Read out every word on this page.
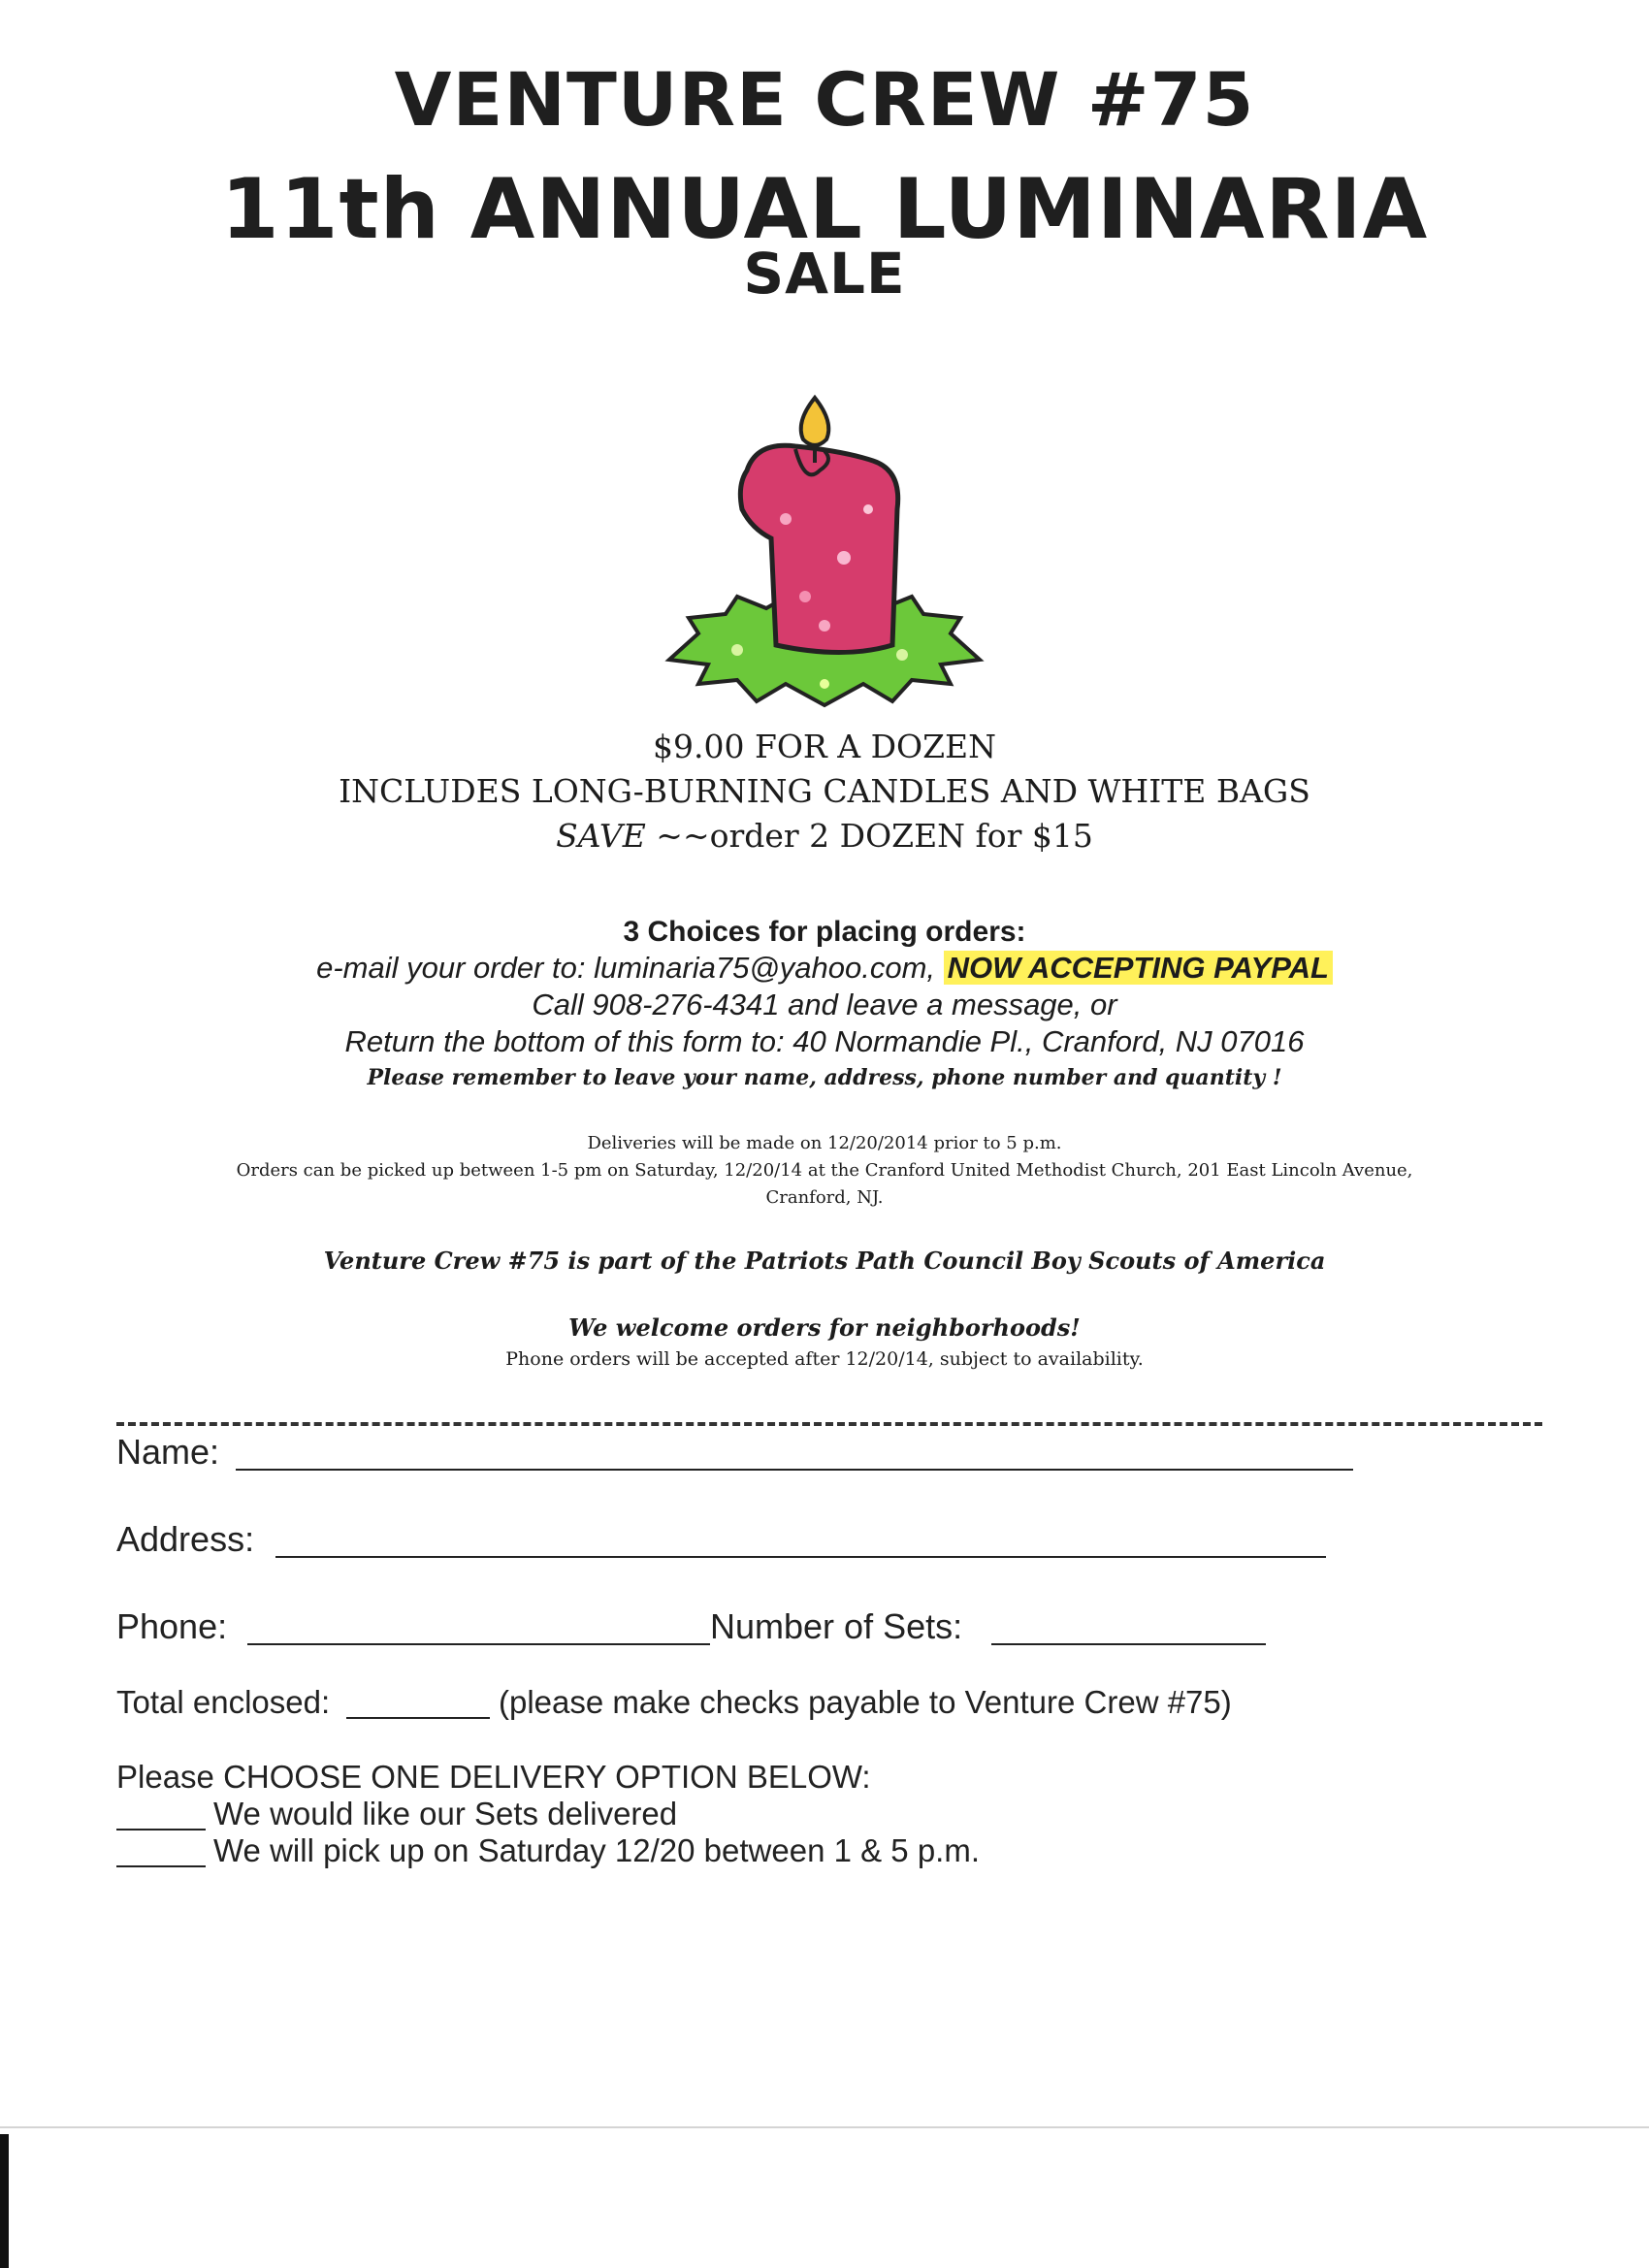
VENTURE CREW #75
11th ANNUAL LUMINARIA
SALE
$9.00 FOR A DOZEN
INCLUDES LONG-BURNING CANDLES AND WHITE BAGS
SAVE ~~order 2 DOZEN for $15
3 Choices for placing orders:
e-mail your order to: luminaria75@yahoo.com, NOW ACCEPTING PAYPAL
Call 908-276-4341 and leave a message, or
Return the bottom of this form to: 40 Normandie Pl., Cranford, NJ 07016
Please remember to leave your name, address, phone number and quantity !
Deliveries will be made on 12/20/2014 prior to 5 p.m.
Orders can be picked up between 1-5 pm on Saturday, 12/20/14 at the Cranford United Methodist Church, 201 East Lincoln Avenue,
Cranford, NJ.
Venture Crew #75 is part of the Patriots Path Council Boy Scouts of America
We welcome orders for neighborhoods!
Phone orders will be accepted after 12/20/14, subject to availability.
Name:
Address:
Phone:	Number of Sets:
Total enclosed:	(please make checks payable to Venture Crew #75)
Please CHOOSE ONE DELIVERY OPTION BELOW:
We would like our Sets delivered
We will pick up on Saturday 12/20 between 1 & 5 p.m.
